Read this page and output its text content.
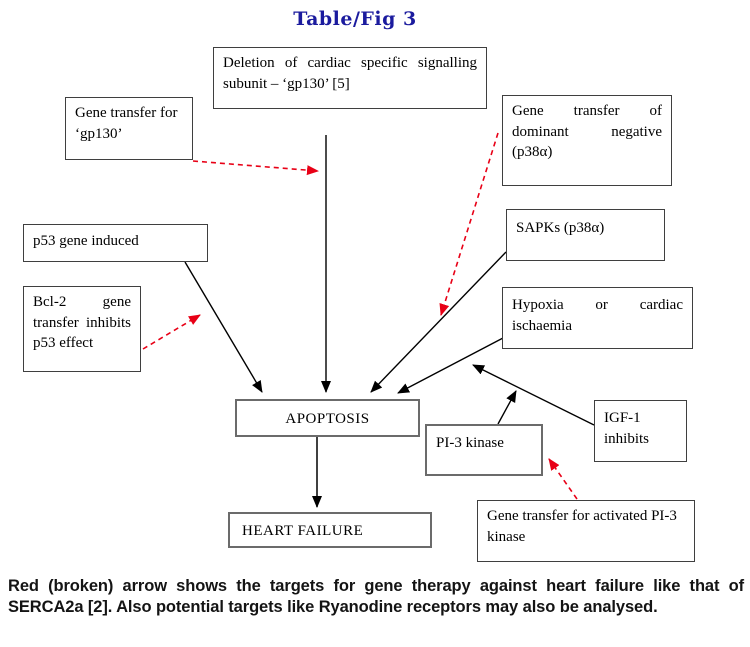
Table/Fig 3
Deletion of cardiac specific signalling subunit – ‘gp130’ [5]
Gene transfer for ‘gp130’
Gene transfer of dominant negative (p38α)
SAPKs (p38α)
p53 gene induced
Bcl-2 gene transfer inhibits p53 effect
Hypoxia or cardiac ischaemia
APOPTOSIS
PI-3 kinase
IGF-1 inhibits
HEART FAILURE
Gene transfer for activated PI-3 kinase
Red (broken) arrow shows the targets for gene therapy against heart failure like that of SERCA2a [2]. Also potential targets like Ryanodine receptors may also be analysed.
